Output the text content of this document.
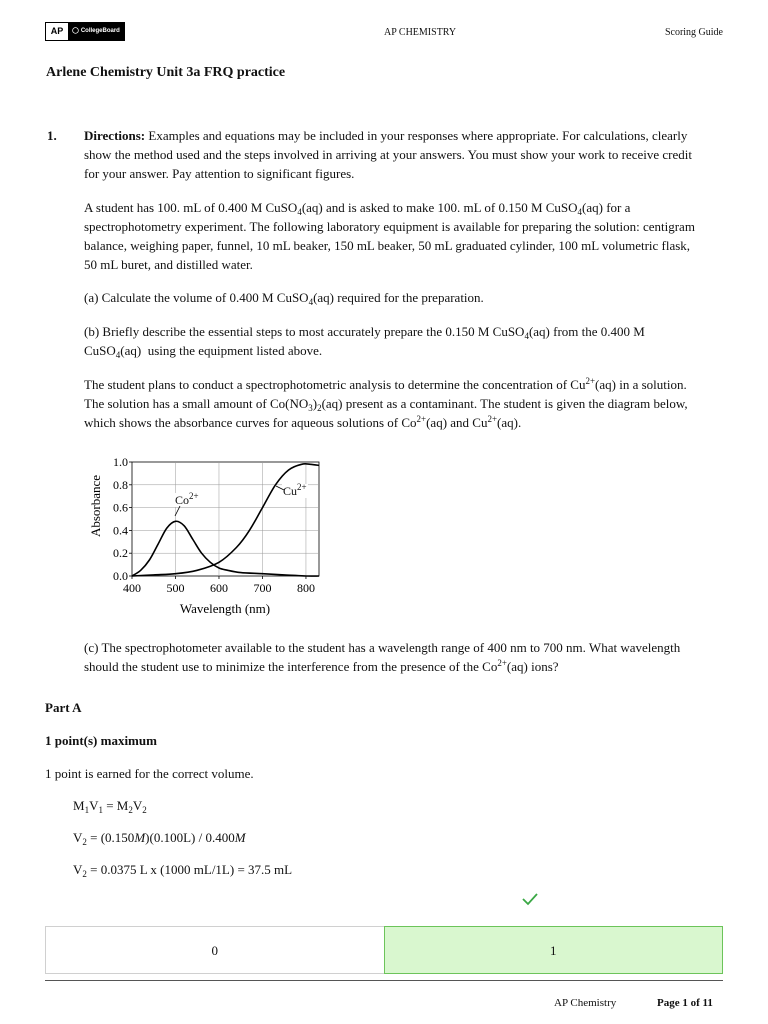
AP	◯ CollegeBoard	AP CHEMISTRY	Scoring Guide
Arlene Chemistry Unit 3a FRQ practice
1. Directions: Examples and equations may be included in your responses where appropriate. For calculations, clearly show the method used and the steps involved in arriving at your answers. You must show your work to receive credit for your answer. Pay attention to significant figures.
A student has 100. mL of 0.400 M CuSO$_4$(aq) and is asked to make 100. mL of 0.150 M CuSO$_4$(aq) for a spectrophotometry experiment. The following laboratory equipment is available for preparing the solution: centigram balance, weighing paper, funnel, 10 mL beaker, 150 mL beaker, 50 mL graduated cylinder, 100 mL volumetric flask, 50 mL buret, and distilled water.
(a) Calculate the volume of 0.400 M CuSO$_4$(aq) required for the preparation.
(b) Briefly describe the essential steps to most accurately prepare the 0.150 M CuSO$_4$(aq) from the 0.400 M CuSO$_4$(aq)  using the equipment listed above.
The student plans to conduct a spectrophotometric analysis to determine the concentration of $Cu^{2+}(aq)$ in a solution. The solution has a small amount of $Co(NO_3)_2(aq)$ present as a contaminant. The student is given the diagram below, which shows the absorbance curves for aqueous solutions of $Co^{2+}(aq)$ and $Cu^{2+}(aq)$.
0.0
0.2
0.4
0.6
0.8
1.0
400 500 600 700 800
$Co^{2+}$	$Cu^{2+}$
Absorbance
Wavelength (nm)
(c) The spectrophotometer available to the student has a wavelength range of 400 nm to 700 nm. What wavelength should the student use to minimize the interference from the presence of the $Co^{2+}(aq)$ ions?
Part A
1 point(s) maximum
1 point is earned for the correct volume.
$M_1V_1 = M_2V_2$
$V_2 = (0.150M)(0.100L) / 0.400M$
$V_2 = 0.0375$ L x (1000 mL/1L) = 37.5 mL
0	1
AP Chemistry	Page 1 of 11
